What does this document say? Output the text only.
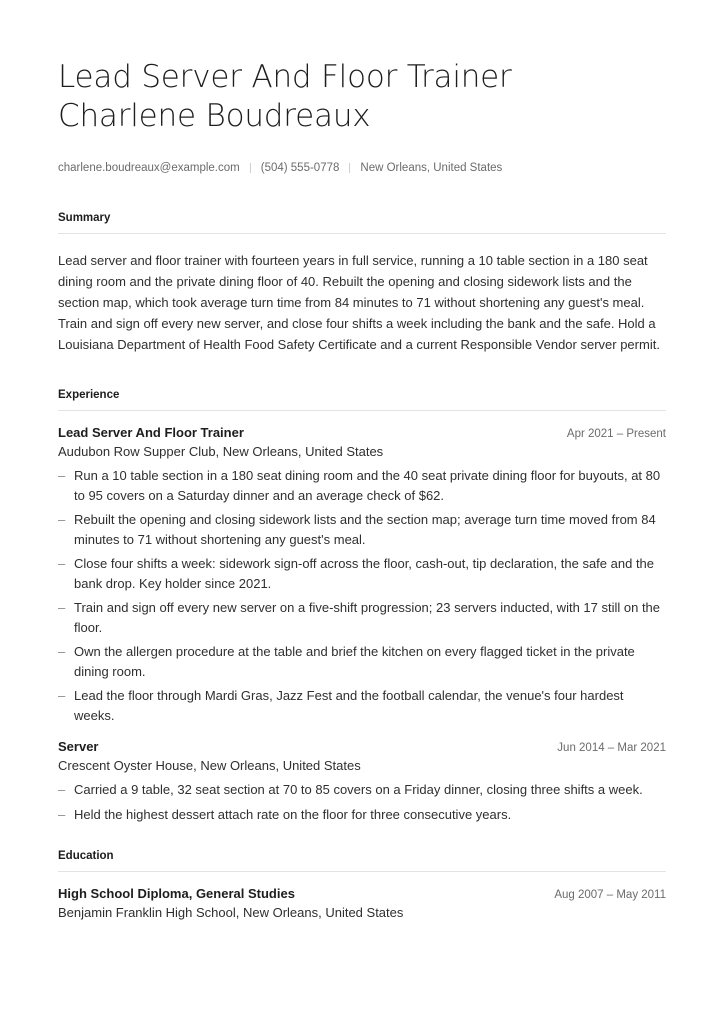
Lead Server And Floor Trainer
Charlene Boudreaux
charlene.boudreaux@example.com (504) 555-0778 New Orleans, United States
Summary
Lead server and floor trainer with fourteen years in full service, running a 10 table section in a 180 seat dining room and the private dining floor of 40. Rebuilt the opening and closing sidework lists and the section map, which took average turn time from 84 minutes to 71 without shortening any guest's meal. Train and sign off every new server, and close four shifts a week including the bank and the safe. Hold a Louisiana Department of Health Food Safety Certificate and a current Responsible Vendor server permit.
Experience
Lead Server And Floor Trainer	Apr 2021 – Present
Audubon Row Supper Club, New Orleans, United States
– Run a 10 table section in a 180 seat dining room and the 40 seat private dining floor for buyouts, at 80 to 95 covers on a Saturday dinner and an average check of $62.
– Rebuilt the opening and closing sidework lists and the section map; average turn time moved from 84 minutes to 71 without shortening any guest's meal.
– Close four shifts a week: sidework sign-off across the floor, cash-out, tip declaration, the safe and the bank drop. Key holder since 2021.
– Train and sign off every new server on a five-shift progression; 23 servers inducted, with 17 still on the floor.
– Own the allergen procedure at the table and brief the kitchen on every flagged ticket in the private dining room.
– Lead the floor through Mardi Gras, Jazz Fest and the football calendar, the venue's four hardest weeks.
Server	Jun 2014 – Mar 2021
Crescent Oyster House, New Orleans, United States
– Carried a 9 table, 32 seat section at 70 to 85 covers on a Friday dinner, closing three shifts a week.
– Held the highest dessert attach rate on the floor for three consecutive years.
Education
High School Diploma, General Studies	Aug 2007 – May 2011
Benjamin Franklin High School, New Orleans, United States
